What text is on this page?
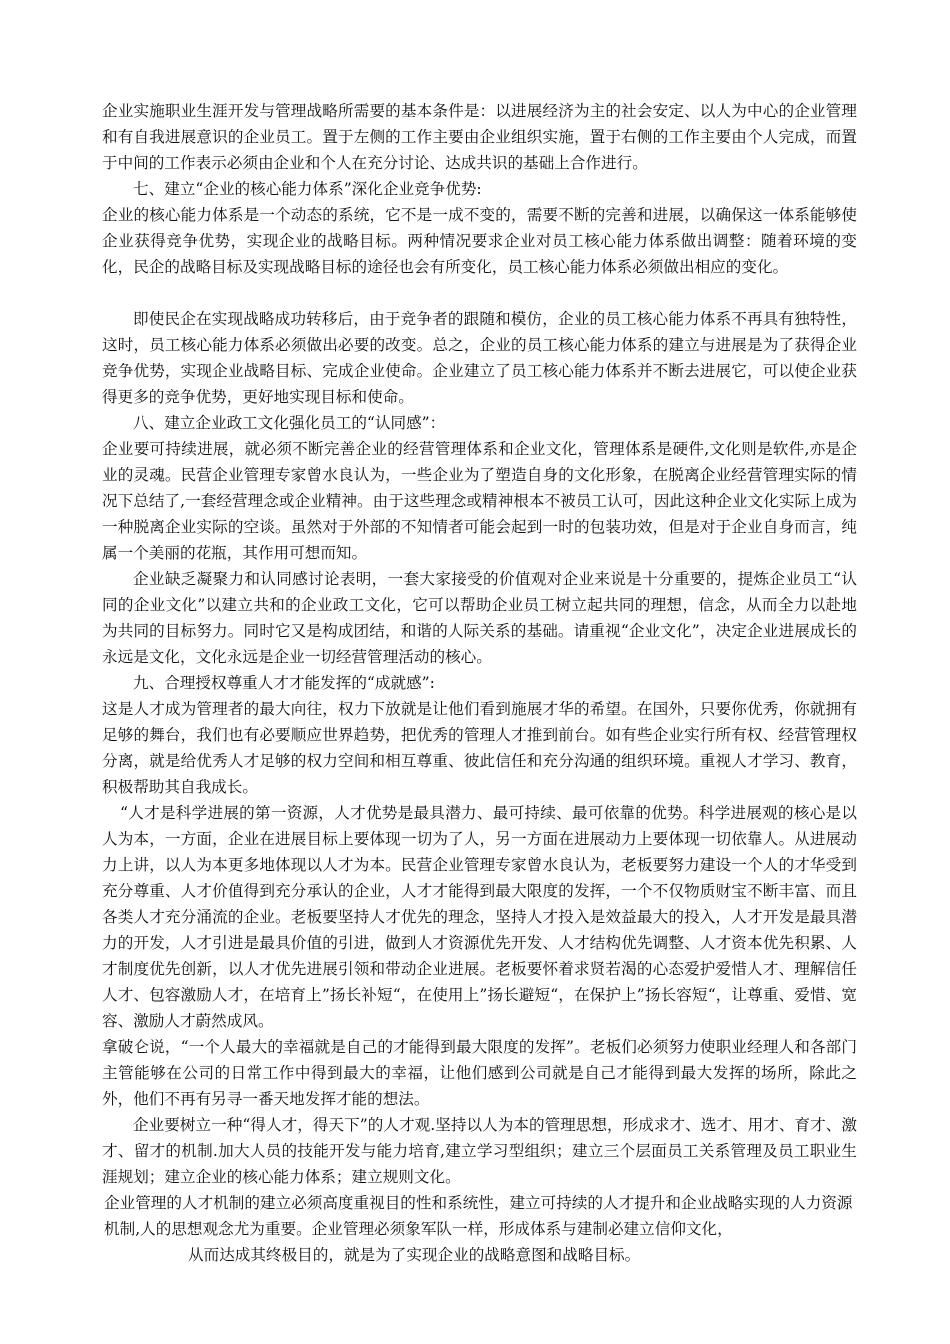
企业实施职业生涯开发与管理战略所需要的基本条件是：以进展经济为主的社会安定、以人为中心的企业管理和有自我进展意识的企业员工。置于左侧的工作主要由企业组织实施，置于右侧的工作主要由个人完成，而置于中间的工作表示必须由企业和个人在充分讨论、达成共识的基础上合作进行。

七、建立“企业的核心能力体系”深化企业竞争优势:

企业的核心能力体系是一个动态的系统，它不是一成不变的，需要不断的完善和进展，以确保这一体系能够使企业获得竞争优势，实现企业的战略目标。两种情况要求企业对员工核心能力体系做出调整：随着环境的变化，民企的战略目标及实现战略目标的途径也会有所变化，员工核心能力体系必须做出相应的变化。

即使民企在实现战略成功转移后，由于竞争者的跟随和模仿，企业的员工核心能力体系不再具有独特性，这时，员工核心能力体系必须做出必要的改变。总之，企业的员工核心能力体系的建立与进展是为了获得企业竞争优势，实现企业战略目标、完成企业使命。企业建立了员工核心能力体系并不断去进展它，可以使企业获得更多的竞争优势，更好地实现目标和使命。

八、建立企业政工文化强化员工的“认同感”：

企业要可持续进展，就必须不断完善企业的经营管理体系和企业文化，管理体系是硬件,文化则是软件,亦是企业的灵魂。民营企业管理专家曾水良认为，一些企业为了塑造自身的文化形象，在脱离企业经营管理实际的情况下总结了,一套经营理念或企业精神。由于这些理念或精神根本不被员工认可，因此这种企业文化实际上成为一种脱离企业实际的空谈。虽然对于外部的不知情者可能会起到一时的包装功效，但是对于企业自身而言，纯属一个美丽的花瓶，其作用可想而知。

企业缺乏凝聚力和认同感讨论表明，一套大家接受的价值观对企业来说是十分重要的，提炼企业员工“认同的企业文化”以建立共和的企业政工文化，它可以帮助企业员工树立起共同的理想，信念，从而全力以赴地为共同的目标努力。同时它又是构成团结，和谐的人际关系的基础。请重视“企业文化”，决定企业进展成长的永远是文化，文化永远是企业一切经营管理活动的核心。

九、合理授权尊重人才才能发挥的“成就感”:

这是人才成为管理者的最大向往，权力下放就是让他们看到施展才华的希望。在国外，只要你优秀，你就拥有足够的舞台，我们也有必要顺应世界趋势，把优秀的管理人才推到前台。如有些企业实行所有权、经营管理权分离，就是给优秀人才足够的权力空间和相互尊重、彼此信任和充分沟通的组织环境。重视人才学习、教育，积极帮助其自我成长。

“人才是科学进展的第一资源，人才优势是最具潜力、最可持续、最可依靠的优势。科学进展观的核心是以人为本，一方面，企业在进展目标上要体现一切为了人，另一方面在进展动力上要体现一切依靠人。从进展动力上讲，以人为本更多地体现以人才为本。民营企业管理专家曾水良认为，老板要努力建设一个人的才华受到充分尊重、人才价值得到充分承认的企业，人才才能得到最大限度的发挥，一个不仅物质财宝不断丰富、而且各类人才充分涌流的企业。老板要坚持人才优先的理念，坚持人才投入是效益最大的投入，人才开发是最具潜力的开发，人才引进是最具价值的引进，做到人才资源优先开发、人才结构优先调整、人才资本优先积累、人才制度优先创新，以人才优先进展引领和带动企业进展。老板要怀着求贤若渴的心态爱护爱惜人才、理解信任人才、包容激励人才，在培育上”扬长补短“，在使用上”扬长避短“，在保护上”扬长容短“，让尊重、爱惜、宽容、激励人才蔚然成风。

拿破仑说，“一个人最大的幸福就是自己的才能得到最大限度的发挥”。老板们必须努力使职业经理人和各部门主管能够在公司的日常工作中得到最大的幸福，让他们感到公司就是自己才能得到最大发挥的场所，除此之外，他们不再有另寻一番天地发挥才能的想法。

企业要树立一种“得人才，得天下”的人才观.坚持以人为本的管理思想，形成求才、选才、用才、育才、激才、留才的机制.加大人员的技能开发与能力培育,建立学习型组织；建立三个层面员工关系管理及员工职业生涯规划；建立企业的核心能力体系；建立规则文化。

企业管理的人才机制的建立必须高度重视目的性和系统性，建立可持续的人才提升和企业战略实现的人力资源机制,人的思想观念尤为重要。企业管理必须象军队一样，形成体系与建制必建立信仰文化，

从而达成其终极目的，就是为了实现企业的战略意图和战略目标。
